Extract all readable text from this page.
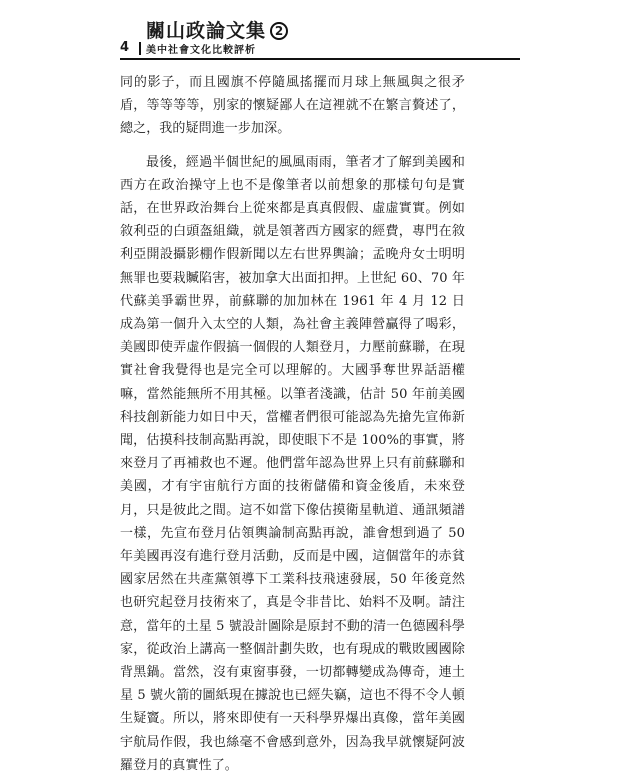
4
關山政論文集 2
美中社會文化比較評析

同的影子，而且國旗不停隨風搖擺而月球上無風與之很矛盾，等等等等，別家的懷疑鄙人在這裡就不在繁言贅述了，總之，我的疑問進一步加深。

最後，經過半個世紀的風風雨雨，筆者才了解到美國和西方在政治操守上也不是像筆者以前想象的那樣句句是實話，在世界政治舞台上從來都是真真假假、虛虛實實。例如敘利亞的白頭盔組織，就是領著西方國家的經費，專門在敘利亞開設攝影棚作假新聞以左右世界輿論；孟晚舟女士明明無罪也要栽贓陷害，被加拿大出面扣押。上世紀 60、70 年代蘇美爭霸世界，前蘇聯的加加林在 1961 年 4 月 12 日成為第一個升入太空的人類，為社會主義陣營贏得了喝彩，美國即使弄虛作假搞一個假的人類登月，力壓前蘇聯，在現實社會我覺得也是完全可以理解的。大國爭奪世界話語權嘛，當然能無所不用其極。以筆者淺識，估計 50 年前美國科技創新能力如日中天，當權者們很可能認為先搶先宣佈新聞，估摸科技制高點再說，即使眼下不是 100%的事實，將來登月了再補救也不遲。他們當年認為世界上只有前蘇聯和美國，才有宇宙航行方面的技術儲備和資金後盾，未來登月，只是彼此之間。這不如當下像估摸衛星軌道、通訊頻譜一樣，先宣布登月佔領輿論制高點再說，誰會想到過了 50 年美國再沒有進行登月活動，反而是中國，這個當年的赤貧國家居然在共產黨領導下工業科技飛速發展，50 年後竟然也研究起登月技術來了，真是令非昔比、始料不及啊。請注意，當年的土星 5 號設計圖除是原封不動的清一色德國科學家，從政治上講高一整個計劃失敗，也有現成的戰敗國國除背黑鍋。當然，沒有東窗事發，一切都轉變成為傳奇，連土星 5 號火箭的圖紙現在據說也已經失竊，這也不得不令人頓生疑竇。所以，將來即使有一天科學界爆出真像，當年美國宇航局作假，我也絲毫不會感到意外，因為我早就懷疑阿波羅登月的真實性了。
